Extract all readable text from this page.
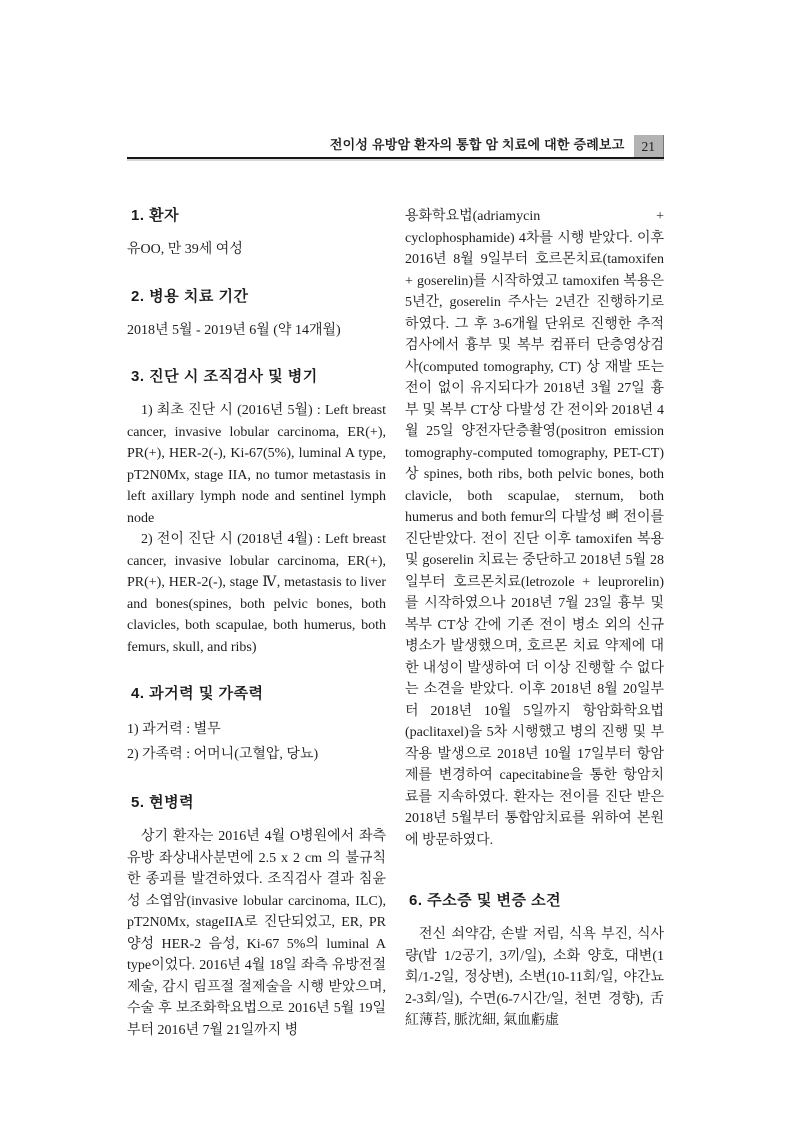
전이성 유방암 환자의 통합 암 치료에 대한 증례보고	21
1. 환자

유OO, 만 39세 여성

2. 병용 치료 기간

2018년 5월 - 2019년 6월 (약 14개월)

3. 진단 시 조직검사 및 병기

1) 최초 진단 시 (2016년 5월) : Left breast cancer, invasive lobular carcinoma, ER(+), PR(+), HER-2(-), Ki-67(5%), luminal A type, pT2N0Mx, stage IIA, no tumor metastasis in left axillary lymph node and sentinel lymph node

2) 전이 진단 시 (2018년 4월) : Left breast cancer, invasive lobular carcinoma, ER(+), PR(+), HER-2(-), stage Ⅳ, metastasis to liver and bones(spines, both pelvic bones, both clavicles, both scapulae, both humerus, both femurs, skull, and ribs)

4. 과거력 및 가족력

1) 과거력 : 별무

2) 가족력 : 어머니(고혈압, 당뇨)

5. 현병력

상기 환자는 2016년 4월 O병원에서 좌측 유방 좌상내사분면에 2.5 x 2 cm 의 불규칙한 종괴를 발견하였다. 조직검사 결과 침윤성 소엽암(invasive lobular carcinoma, ILC), pT2N0Mx, stageIIA로 진단되었고, ER, PR 양성 HER-2 음성, Ki-67 5%의 luminal A type이었다. 2016년 4월 18일 좌측 유방전절제술, 감시 림프절 절제술을 시행 받았으며, 수술 후 보조화학요법으로 2016년 5월 19일부터 2016년 7월 21일까지 병

용화학요법(adriamycin + cyclophosphamide) 4차를 시행 받았다. 이후 2016년 8월 9일부터 호르몬치료(tamoxifen + goserelin)를 시작하였고 tamoxifen 복용은 5년간, goserelin 주사는 2년간 진행하기로 하였다. 그 후 3-6개월 단위로 진행한 추적검사에서 흉부 및 복부 컴퓨터 단층영상검사(computed tomography, CT) 상 재발 또는 전이 없이 유지되다가 2018년 3월 27일 흉부 및 복부 CT상 다발성 간 전이와 2018년 4월 25일 양전자단층촬영(positron emission tomography-computed tomography, PET-CT)상 spines, both ribs, both pelvic bones, both clavicle, both scapulae, sternum, both humerus and both femur의 다발성 뼈 전이를 진단받았다. 전이 진단 이후 tamoxifen 복용 및 goserelin 치료는 중단하고 2018년 5월 28일부터 호르몬치료(letrozole + leuprorelin)를 시작하였으나 2018년 7월 23일 흉부 및 복부 CT상 간에 기존 전이 병소 외의 신규 병소가 발생했으며, 호르몬 치료 약제에 대한 내성이 발생하여 더 이상 진행할 수 없다는 소견을 받았다. 이후 2018년 8월 20일부터 2018년 10월 5일까지 항암화학요법(paclitaxel)을 5차 시행했고 병의 진행 및 부작용 발생으로 2018년 10월 17일부터 항암제를 변경하여 capecitabine을 통한 항암치료를 지속하였다. 환자는 전이를 진단 받은 2018년 5월부터 통합암치료를 위하여 본원에 방문하였다.

6. 주소증 및 변증 소견

전신 쇠약감, 손발 저림, 식욕 부진, 식사량(밥 1/2공기, 3끼/일), 소화 양호, 대변(1회/1-2일, 정상변), 소변(10-11회/일, 야간뇨 2-3회/일), 수면(6-7시간/일, 천면 경향), 舌紅薄苔, 脈沈細, 氣血虧虛
